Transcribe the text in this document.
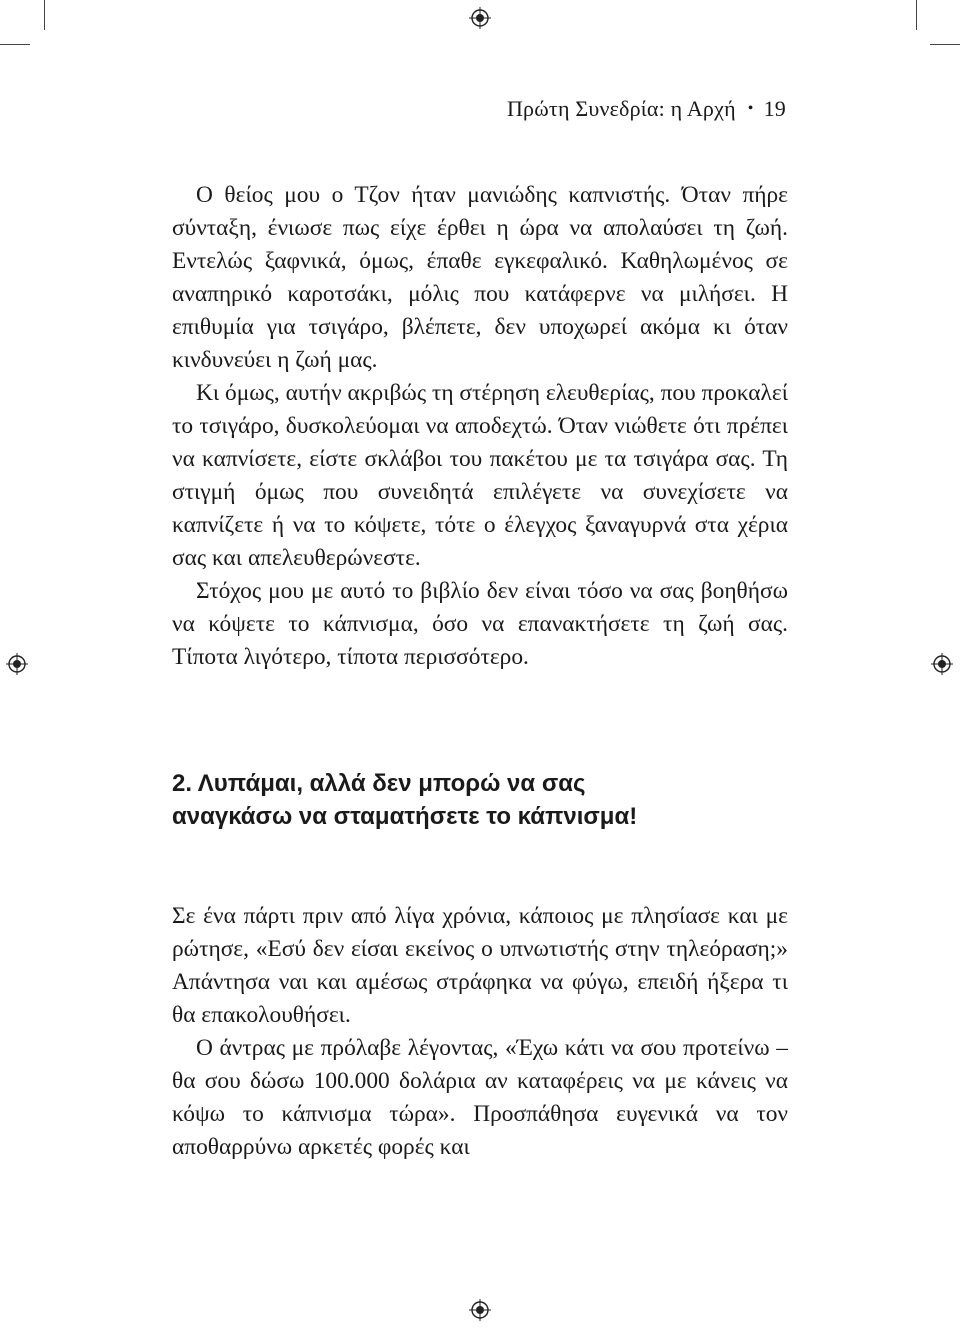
Πρώτη Συνεδρία: η Αρχή • 19

Ο θείος μου ο Τζον ήταν μανιώδης καπνιστής. Όταν πήρε σύνταξη, ένιωσε πως είχε έρθει η ώρα να απολαύσει τη ζωή. Εντελώς ξαφνικά, όμως, έπαθε εγκεφαλικό. Καθηλωμένος σε αναπηρικό καροτσάκι, μόλις που κατάφερνε να μιλήσει. Η επιθυμία για τσιγάρο, βλέπετε, δεν υποχωρεί ακόμα κι όταν κινδυνεύει η ζωή μας.

Κι όμως, αυτήν ακριβώς τη στέρηση ελευθερίας, που προκαλεί το τσιγάρο, δυσκολεύομαι να αποδεχτώ. Όταν νιώθετε ότι πρέπει να καπνίσετε, είστε σκλάβοι του πακέτου με τα τσιγάρα σας. Τη στιγμή όμως που συνειδητά επιλέγετε να συνεχίσετε να καπνίζετε ή να το κόψετε, τότε ο έλεγχος ξαναγυρνά στα χέρια σας και απελευθερώνεστε.

Στόχος μου με αυτό το βιβλίο δεν είναι τόσο να σας βοηθήσω να κόψετε το κάπνισμα, όσο να επανακτήσετε τη ζωή σας. Τίποτα λιγότερο, τίποτα περισσότερο.

2. Λυπάμαι, αλλά δεν μπορώ να σας
αναγκάσω να σταματήσετε το κάπνισμα!

Σε ένα πάρτι πριν από λίγα χρόνια, κάποιος με πλησίασε και με ρώτησε, «Εσύ δεν είσαι εκείνος ο υπνωτιστής στην τηλεόραση;» Απάντησα ναι και αμέσως στράφηκα να φύγω, επειδή ήξερα τι θα επακολουθήσει.

Ο άντρας με πρόλαβε λέγοντας, «Έχω κάτι να σου προτείνω – θα σου δώσω 100.000 δολάρια αν καταφέρεις να με κάνεις να κόψω το κάπνισμα τώρα». Προσπάθησα ευγενικά να τον αποθαρρύνω αρκετές φορές και
